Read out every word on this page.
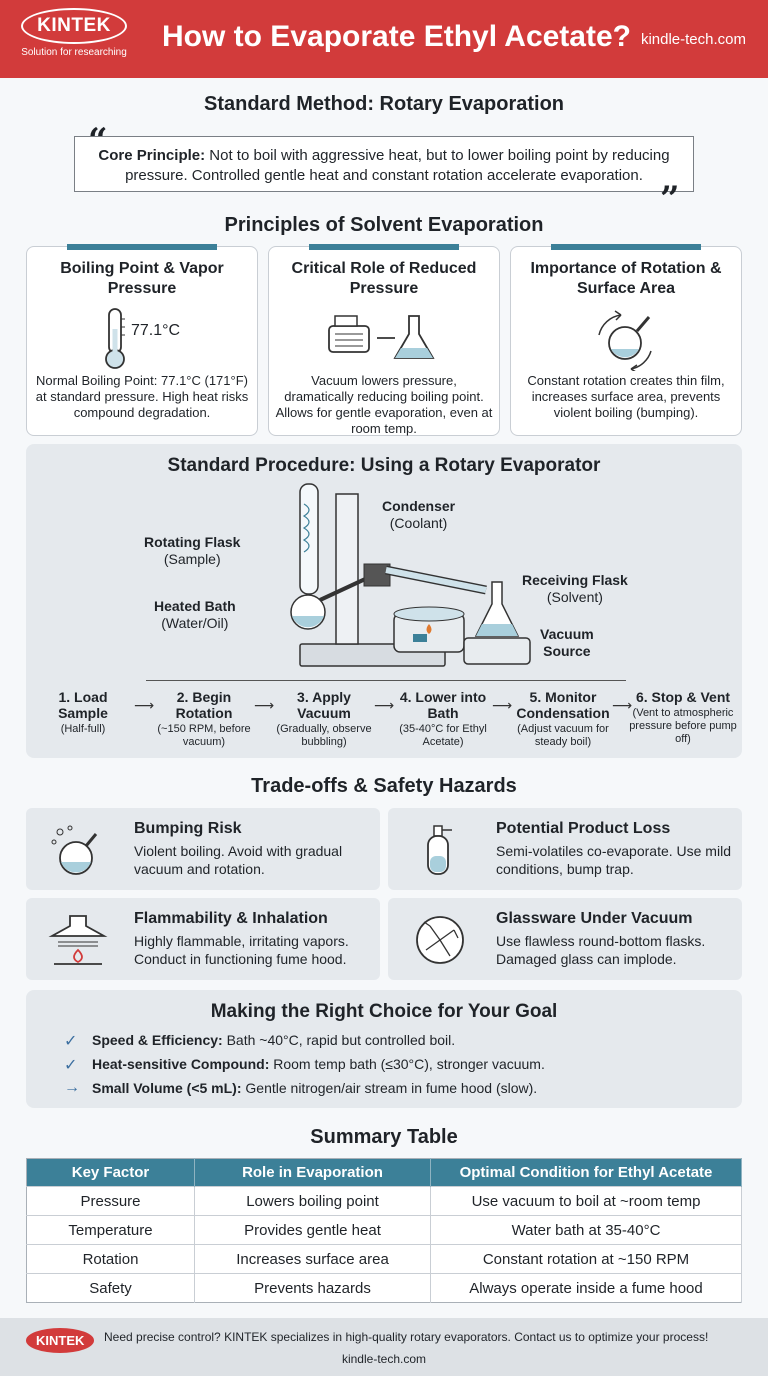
KINTEK
Solution for researching How to Evaporate Ethyl Acetate? kindle-tech.com
Standard Method: Rotary Evaporation
Core Principle: Not to boil with aggressive heat, but to lower boiling point by reducing pressure. Controlled gentle heat and constant rotation accelerate evaporation.
”
Principles of Solvent Evaporation
Boiling Point & Vapor Pressure
77.1°C

Normal Boiling Point: 77.1°C (171°F) at standard pressure. High heat risks compound degradation.

Critical Role of Reduced Pressure

Vacuum lowers pressure, dramatically reducing boiling point. Allows for gentle evaporation, even at room temp.

Importance of Rotation & Surface Area

Constant rotation creates thin film, increases surface area, prevents violent boiling (bumping).

Standard Procedure: Using a Rotary Evaporator
Rotating Flask
(Sample)
Heated Bath
(Water/Oil)
Condenser
(Coolant)
Receiving Flask
(Solvent)
Vacuum
Source
1. Load Sample
(Half-full)
⟶	2. Begin Rotation
(~150 RPM, before vacuum)
⟶	3. Apply Vacuum
(Gradually, observe bubbling)
⟶ 4. Lower into Bath
(35-40°C for Ethyl Acetate)
⟶	5. Monitor Condensation
(Adjust vacuum for steady boil)
⟶ 6. Stop & Vent
(Vent to atmospheric pressure before pump off)
Trade-offs & Safety Hazards
Bumping Risk
Violent boiling. Avoid with gradual vacuum and rotation.
Potential Product Loss
Semi-volatiles co-evaporate. Use mild conditions, bump trap.
Flammability & Inhalation
Highly flammable, irritating vapors. Conduct in functioning fume hood.
Glassware Under Vacuum
Use flawless round-bottom flasks. Damaged glass can implode.
Making the Right Choice for Your Goal
✓ Speed & Efficiency: Bath ~40°C, rapid but controlled boil.
✓ Heat-sensitive Compound: Room temp bath (≤30°C), stronger vacuum.
→ Small Volume (<5 mL): Gentle nitrogen/air stream in fume hood (slow).
Summary Table
Key Factor	Role in Evaporation	Optimal Condition for Ethyl Acetate
Pressure	Lowers boiling point	Use vacuum to boil at ~room temp
Temperature	Provides gentle heat	Water bath at 35-40°C
Rotation	Increases surface area	Constant rotation at ~150 RPM
Safety	Prevents hazards	Always operate inside a fume hood
KINTEK	Need precise control? KINTEK specializes in high-quality rotary evaporators. Contact us to optimize your process!
kindle-tech.com
